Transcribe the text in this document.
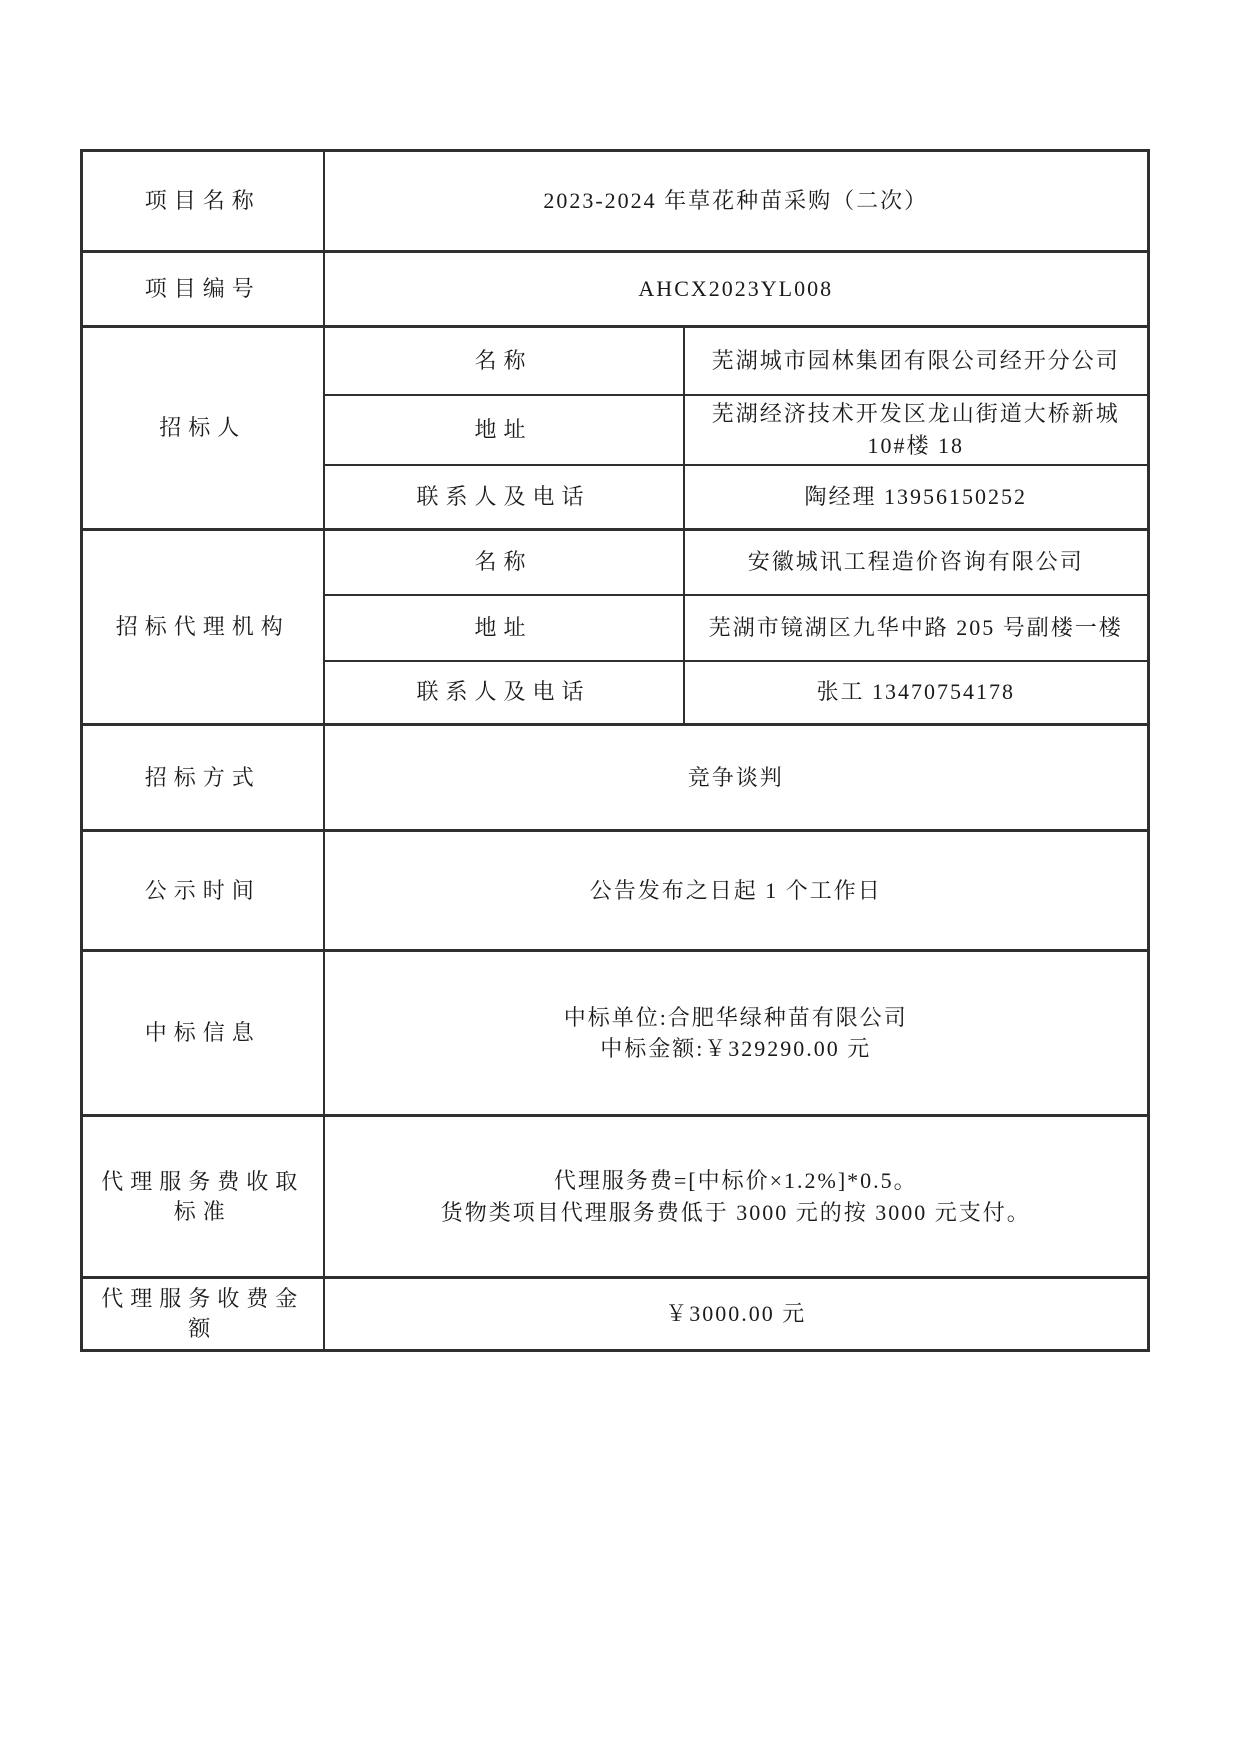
项目名称	2023-2024 年草花种苗采购（二次）	
项目编号	AHCX2023YL008	
招标人	名称	芜湖城市园林集团有限公司经开分公司
	地址	芜湖经济技术开发区龙山街道大桥新城 10#楼 18
	联系人及电话	陶经理 13956150252
招标代理机构	名称	安徽城讯工程造价咨询有限公司
	地址	芜湖市镜湖区九华中路 205 号副楼一楼
	联系人及电话	张工 13470754178
招标方式	竞争谈判	
公示时间	公告发布之日起 1 个工作日	
中标信息	中标单位:合肥华绿种苗有限公司
中标金额:￥329290.00 元	

代理服务费收取标准	代理服务费=[中标价×1.2%]*0.5。
货物类项目代理服务费低于 3000 元的按 3000 元支付。	

代理服务收费金额	￥3000.00 元	
